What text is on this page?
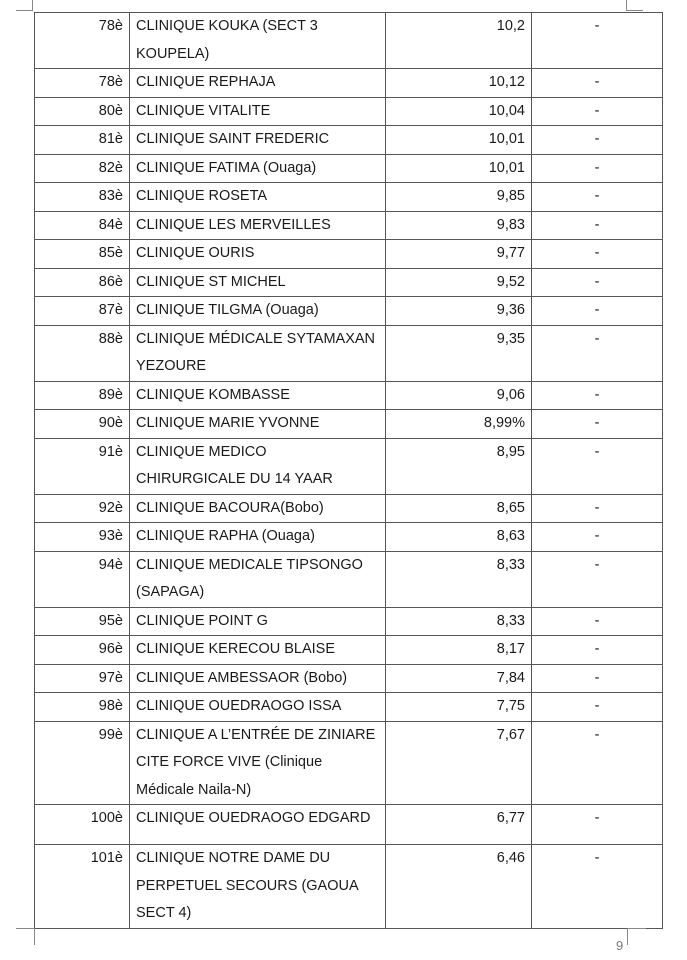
78è	CLINIQUE KOUKA (SECT 3 KOUPELA)	10,2	-
78è	CLINIQUE REPHAJA	10,12	-
80è	CLINIQUE VITALITE	10,04	-
81è	CLINIQUE SAINT FREDERIC	10,01	-
82è	CLINIQUE FATIMA (Ouaga)	10,01	-
83è	CLINIQUE ROSETA	9,85	-
84è	CLINIQUE LES MERVEILLES	9,83	-
85è	CLINIQUE OURIS	9,77	-
86è	CLINIQUE ST MICHEL	9,52	-
87è	CLINIQUE TILGMA (Ouaga)	9,36	-
88è	CLINIQUE MÉDICALE SYTAMAXAN YEZOURE	9,35	-
89è	CLINIQUE KOMBASSE	9,06	-
90è	CLINIQUE MARIE YVONNE	8,99%	-
91è	CLINIQUE MEDICO CHIRURGICALE DU 14 YAAR	8,95	-
92è	CLINIQUE BACOURA(Bobo)	8,65	-
93è	CLINIQUE RAPHA (Ouaga)	8,63	-
94è	CLINIQUE MEDICALE TIPSONGO (SAPAGA)	8,33	-
95è	CLINIQUE POINT G	8,33	-
96è	CLINIQUE KERECOU BLAISE	8,17	-
97è	CLINIQUE AMBESSAOR (Bobo)	7,84	-
98è	CLINIQUE OUEDRAOGO ISSA	7,75	-
99è	CLINIQUE A L’ENTRÉE DE ZINIARE CITE FORCE VIVE (Clinique Médicale Naila-N)	7,67	-
100è	CLINIQUE OUEDRAOGO EDGARD	6,77	-
101è	CLINIQUE NOTRE DAME DU PERPETUEL SECOURS (GAOUA SECT 4)	6,46	-
9
